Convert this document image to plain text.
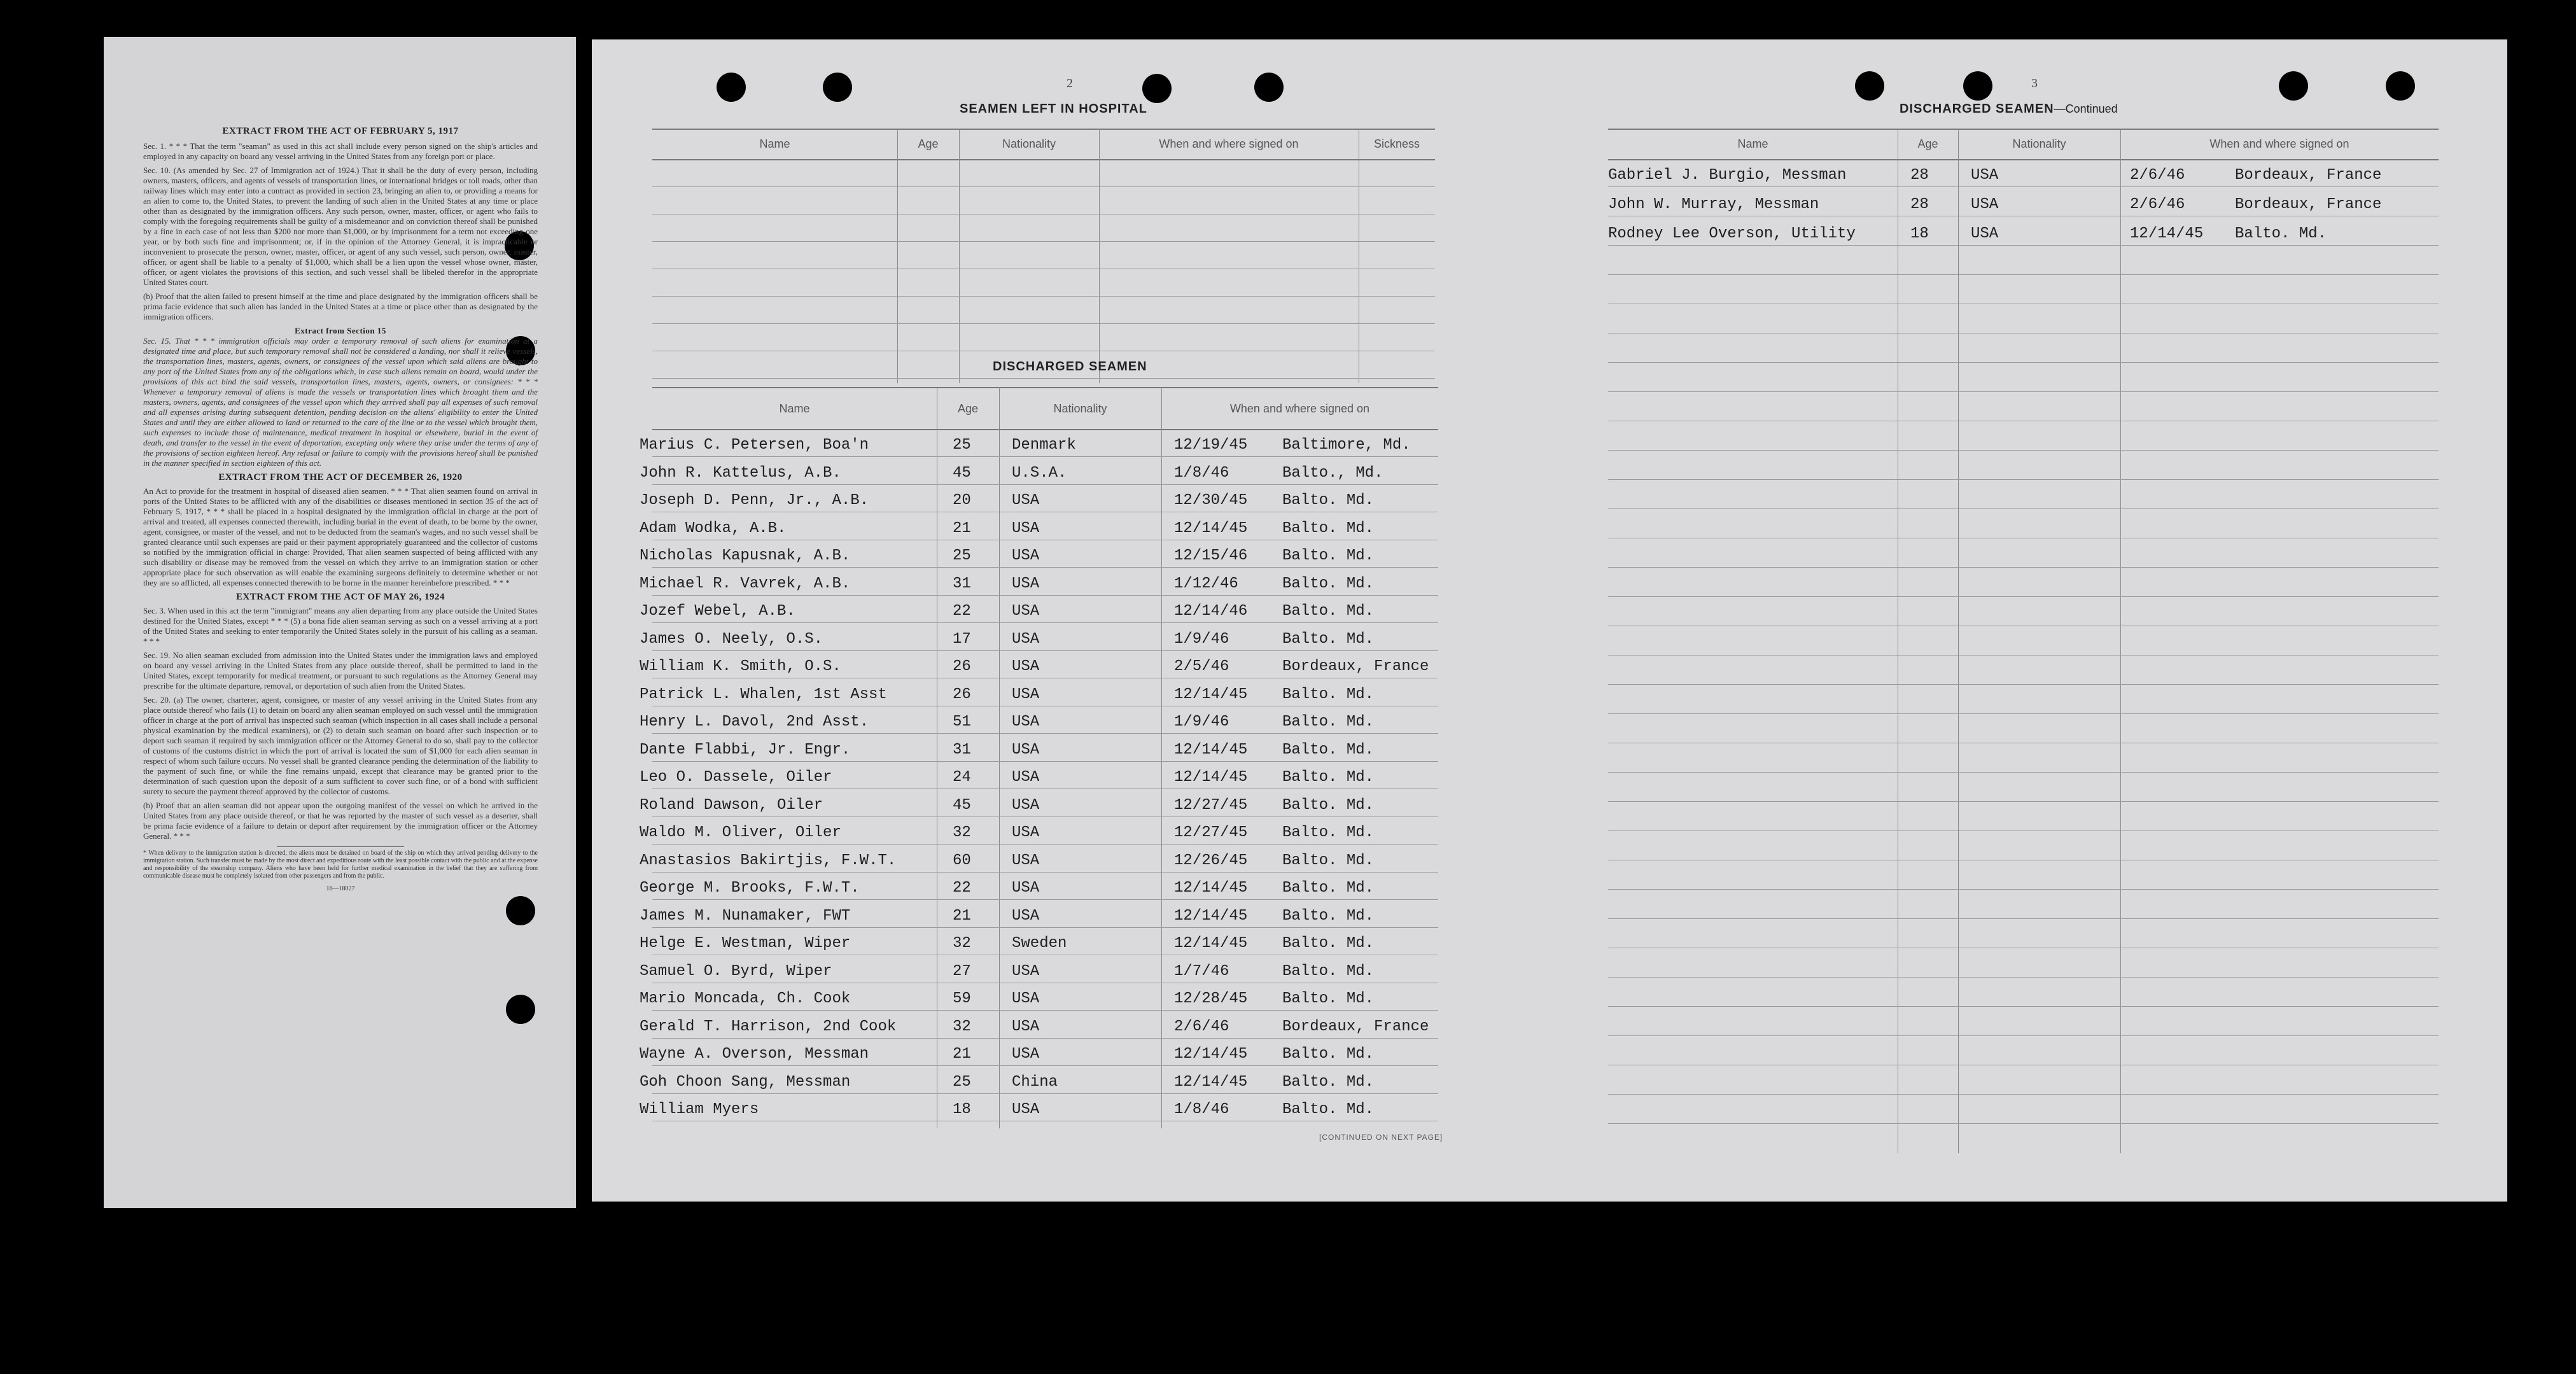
EXTRACT FROM THE ACT OF FEBRUARY 5, 1917

Sec. 1. * * * That the term "seaman" as used in this act shall include every person signed on the ship's articles and employed in any capacity on board any vessel arriving in the United States from any foreign port or place.

Sec. 10. (As amended by Sec. 27 of Immigration act of 1924.) That it shall be the duty of every person, including owners, masters, officers, and agents of vessels of transportation lines, or international bridges or toll roads, other than railway lines which may enter into a contract as provided in section 23, bringing an alien to, or providing a means for an alien to come to, the United States, to prevent the landing of such alien in the United States at any time or place other than as designated by the immigration officers. Any such person, owner, master, officer, or agent who fails to comply with the foregoing requirements shall be guilty of a misdemeanor and on conviction thereof shall be punished by a fine in each case of not less than $200 nor more than $1,000, or by imprisonment for a term not exceeding one year, or by both such fine and imprisonment; or, if in the opinion of the Attorney General, it is impracticable or inconvenient to prosecute the person, owner, master, officer, or agent of any such vessel, such person, owner, master, officer, or agent shall be liable to a penalty of $1,000, which shall be a lien upon the vessel whose owner, master, officer, or agent violates the provisions of this section, and such vessel shall be libeled therefor in the appropriate United States court.

(b) Proof that the alien failed to present himself at the time and place designated by the immigration officers shall be prima facie evidence that such alien has landed in the United States at a time or place other than as designated by the immigration officers.

Extract from Section 15

Sec. 15. That * * * immigration officials may order a temporary removal of such aliens for examination at a designated time and place, but such temporary removal shall not be considered a landing, nor shall it relieve vessels, the transportation lines, masters, agents, owners, or consignees of the vessel upon which said aliens are brought to any port of the United States from any of the obligations which, in case such aliens remain on board, would under the provisions of this act bind the said vessels, transportation lines, masters, agents, owners, or consignees: * * * Whenever a temporary removal of aliens is made the vessels or transportation lines which brought them and the masters, owners, agents, and consignees of the vessel upon which they arrived shall pay all expenses of such removal and all expenses arising during subsequent detention, pending decision on the aliens' eligibility to enter the United States and until they are either allowed to land or returned to the care of the line or to the vessel which brought them, such expenses to include those of maintenance, medical treatment in hospital or elsewhere, burial in the event of death, and transfer to the vessel in the event of deportation, excepting only where they arise under the terms of any of the provisions of section eighteen hereof. Any refusal or failure to comply with the provisions hereof shall be punished in the manner specified in section eighteen of this act.

EXTRACT FROM THE ACT OF DECEMBER 26, 1920

An Act to provide for the treatment in hospital of diseased alien seamen. * * * That alien seamen found on arrival in ports of the United States to be afflicted with any of the disabilities or diseases mentioned in section 35 of the act of February 5, 1917, * * * shall be placed in a hospital designated by the immigration official in charge at the port of arrival and treated, all expenses connected therewith, including burial in the event of death, to be borne by the owner, agent, consignee, or master of the vessel, and not to be deducted from the seaman's wages, and no such vessel shall be granted clearance until such expenses are paid or their payment appropriately guaranteed and the collector of customs so notified by the immigration official in charge: Provided, That alien seamen suspected of being afflicted with any such disability or disease may be removed from the vessel on which they arrive to an immigration station or other appropriate place for such observation as will enable the examining surgeons definitely to determine whether or not they are so afflicted, all expenses connected therewith to be borne in the manner hereinbefore prescribed. * * *

EXTRACT FROM THE ACT OF MAY 26, 1924

Sec. 3. When used in this act the term "immigrant" means any alien departing from any place outside the United States destined for the United States, except * * * (5) a bona fide alien seaman serving as such on a vessel arriving at a port of the United States and seeking to enter temporarily the United States solely in the pursuit of his calling as a seaman. * * *

Sec. 19. No alien seaman excluded from admission into the United States under the immigration laws and employed on board any vessel arriving in the United States from any place outside thereof, shall be permitted to land in the United States, except temporarily for medical treatment, or pursuant to such regulations as the Attorney General may prescribe for the ultimate departure, removal, or deportation of such alien from the United States.

Sec. 20. (a) The owner, charterer, agent, consignee, or master of any vessel arriving in the United States from any place outside thereof who fails (1) to detain on board any alien seaman employed on such vessel until the immigration officer in charge at the port of arrival has inspected such seaman (which inspection in all cases shall include a personal physical examination by the medical examiners), or (2) to detain such seaman on board after such inspection or to deport such seaman if required by such immigration officer or the Attorney General to do so, shall pay to the collector of customs of the customs district in which the port of arrival is located the sum of $1,000 for each alien seaman in respect of whom such failure occurs. No vessel shall be granted clearance pending the determination of the liability to the payment of such fine, or while the fine remains unpaid, except that clearance may be granted prior to the determination of such question upon the deposit of a sum sufficient to cover such fine, or of a bond with sufficient surety to secure the payment thereof approved by the collector of customs.

(b) Proof that an alien seaman did not appear upon the outgoing manifest of the vessel on which he arrived in the United States from any place outside thereof, or that he was reported by the master of such vessel as a deserter, shall be prima facie evidence of a failure to detain or deport after requirement by the immigration officer or the Attorney General. * * *

* When delivery to the immigration station is directed, the aliens must be detained on board of the ship on which they arrived pending delivery to the immigration station. Such transfer must be made by the most direct and expeditious route with the least possible contact with the public and at the expense and responsibility of the steamship company. Aliens who have been held for further medical examination in the belief that they are suffering from communicable disease must be completely isolated from other passengers and from the public.

16—18027

2
SEAMEN LEFT IN HOSPITAL
Name	Age	Nationality	When and where signed on	Sickness
DISCHARGED SEAMEN
Name	Age	Nationality	When and where signed on
Marius C. Petersen, Boa'n	25	Denmark	12/19/45 Baltimore, Md.
John R. Kattelus, A.B.	45	U.S.A.	1/8/46	Balto., Md.
Joseph D. Penn, Jr., A.B.	20	USA	12/30/45 Balto. Md.
Adam Wodka, A.B.	21	USA	12/14/45 Balto. Md.
Nicholas Kapusnak, A.B.	25	USA	12/15/46 Balto. Md.
Michael R. Vavrek, A.B.	31	USA	1/12/46	Balto. Md.
Jozef Webel, A.B.	22	USA	12/14/46 Balto. Md.
James O. Neely, O.S.	17	USA	1/9/46	Balto. Md.
William K. Smith, O.S.	26	USA	2/5/46	Bordeaux, France
Patrick L. Whalen, 1st Asst	26	USA	12/14/45 Balto. Md.
Henry L. Davol, 2nd Asst.	51	USA	1/9/46	Balto. Md.
Dante Flabbi, Jr. Engr.	31	USA	12/14/45 Balto. Md.
Leo O. Dassele, Oiler	24	USA	12/14/45 Balto. Md.
Roland Dawson, Oiler	45	USA	12/27/45 Balto. Md.
Waldo M. Oliver, Oiler	32	USA	12/27/45 Balto. Md.
Anastasios Bakirtjis, F.W.T.	60	USA	12/26/45 Balto. Md.
George M. Brooks, F.W.T.	22	USA	12/14/45 Balto. Md.
James M. Nunamaker, FWT	21	USA	12/14/45 Balto. Md.
Helge E. Westman, Wiper	32	Sweden	12/14/45 Balto. Md.
Samuel O. Byrd, Wiper	27	USA	1/7/46	Balto. Md.
Mario Moncada, Ch. Cook	59	USA	12/28/45 Balto. Md.
Gerald T. Harrison, 2nd Cook	32	USA	2/6/46	Bordeaux, France
Wayne A. Overson, Messman	21	USA	12/14/45 Balto. Md.
Goh Choon Sang, Messman	25	China	12/14/45 Balto. Md.
William Myers	18	USA	1/8/46	Balto. Md.
[CONTINUED ON NEXT PAGE]
3
DISCHARGED SEAMEN—Continued
Name	Age	Nationality	When and where signed on
Gabriel J. Burgio, Messman	28	USA	2/6/46	Bordeaux, France
John W. Murray, Messman	28	USA	2/6/46	Bordeaux, France
Rodney Lee Overson, Utility	18	USA	12/14/45 Balto. Md.
